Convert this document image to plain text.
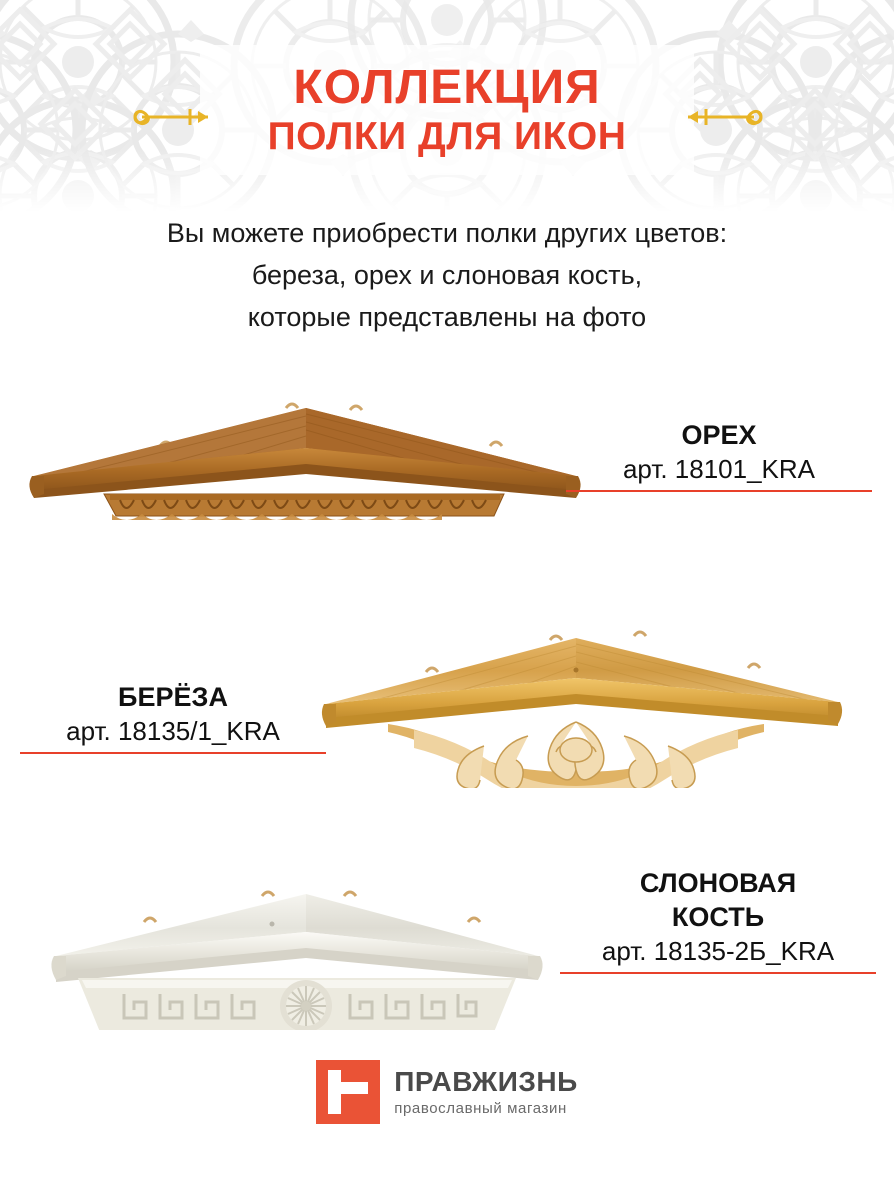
КОЛЛЕКЦИЯ
ПОЛКИ ДЛЯ ИКОН
Вы можете приобрести полки других цветов:
береза, орех и слоновая кость,
которые представлены на фото
ОРЕХ
арт. 18101_KRA
БЕРЁЗА
арт. 18135/1_KRA
СЛОНОВАЯ
КОСТЬ
арт. 18135-2Б_KRA
ПРАВЖИЗНЬ
православный магазин
